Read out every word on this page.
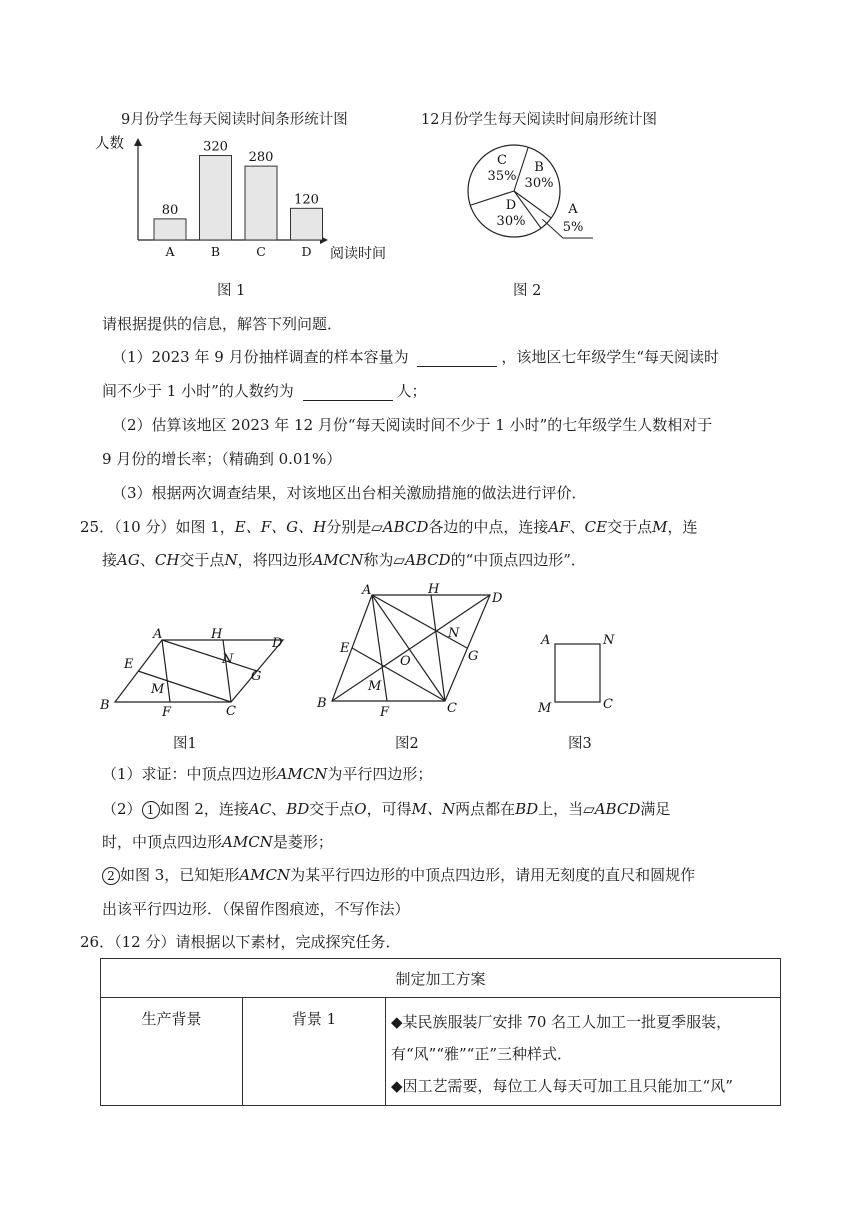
9月份学生每天阅读时间条形统计图
人数
阅读时间
80
A
320
B
280
C
120
D
图 1
12月份学生每天阅读时间扇形统计图
C
35%
B
30%
D
30%
A
5%
图 2
请根据提供的信息，解答下列问题．
（1）2023 年 9 月份抽样调查的样本容量为	，该地区七年级学生“每天阅读时
间不少于 1 小时”的人数约为	人；
（2）估算该地区 2023 年 12 月份“每天阅读时间不少于 1 小时”的七年级学生人数相对于
9 月份的增长率；（精确到 0.01%）
（3）根据两次调查结果，对该地区出台相关激励措施的做法进行评价．
25．（10 分）如图 1，E、F、G、H分别是▱ABCD各边的中点，连接AF、CE交于点M，连
接AG、CH交于点N，将四边形AMCN称为▱ABCD的“中顶点四边形”．
A	H
D
E	N
G
M
B	F	C
A	H
D
E
N
O	G
M
B
F	C
A	N
M	C
图1	图2	图3
（1）求证：中顶点四边形AMCN为平行四边形；
（2） 1 如图 2，连接AC、BD交于点O，可得M、N两点都在BD上，当▱ABCD满足
时，中顶点四边形AMCN是菱形；
2 如图 3，已知矩形AMCN为某平行四边形的中顶点四边形，请用无刻度的直尺和圆规作
出该平行四边形．（保留作图痕迹，不写作法）
26．（12 分）请根据以下素材，完成探究任务．
制定加工方案
生产背景	背景 1	◆某民族服装厂安排 70 名工人加工一批夏季服装，
有“风”“雅”“正”三种样式．
◆因工艺需要，每位工人每天可加工且只能加工“风”
